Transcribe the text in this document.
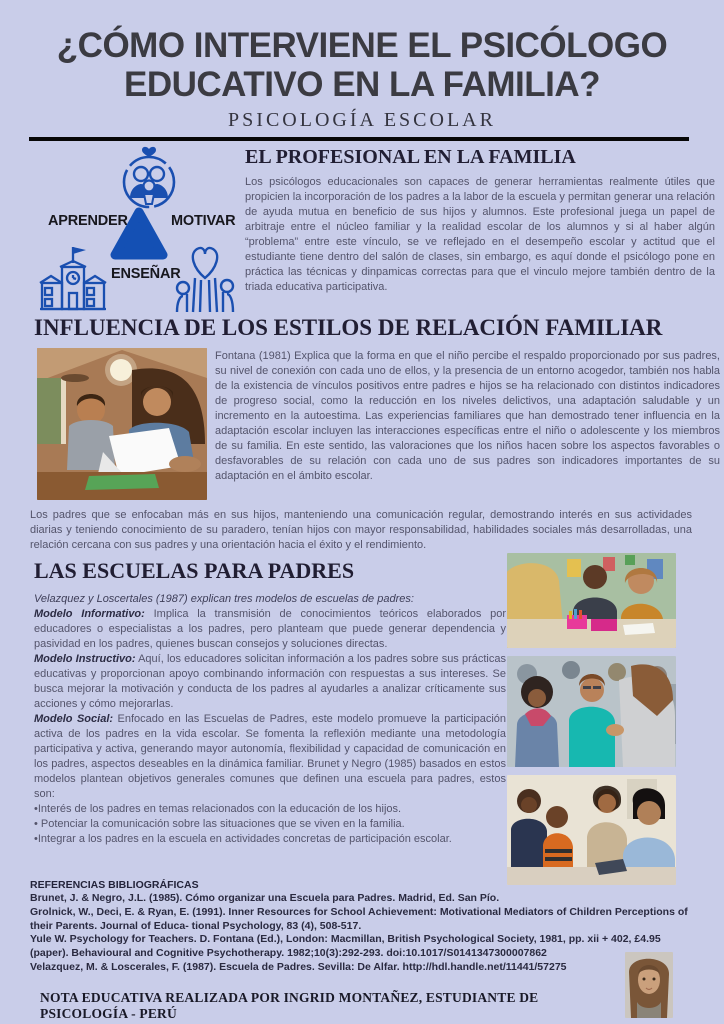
¿CÓMO INTERVIENE EL PSICÓLOGO
EDUCATIVO EN LA FAMILIA?
PSICOLOGÍA ESCOLAR
APRENDER	MOTIVAR
ENSEÑAR
EL PROFESIONAL EN LA FAMILIA
Los psicólogos educacionales son capaces de generar herramientas realmente útiles que propicien la incorporación de los padres a la labor de la escuela y permitan generar una relación de ayuda mutua en beneficio de sus hijos y alumnos. Este profesional juega un papel de arbitraje entre el núcleo familiar y la realidad escolar de los alumnos y si al haber algún “problema” entre este vínculo, se ve reflejado en el desempeño escolar y actitud que el estudiante tiene dentro del salón de clases, sin embargo, es aquí donde el psicólogo pone en práctica las técnicas y dinpamicas correctas para que el vinculo mejore también dentro de la triada educativa participativa.
INFLUENCIA DE LOS ESTILOS DE RELACIÓN FAMILIAR
Fontana (1981) Explica que la forma en que el niño percibe el respaldo proporcionado por sus padres, su nivel de conexión con cada uno de ellos, y la presencia de un entorno acogedor, también nos habla de la existencia de vínculos positivos entre padres e hijos se ha relacionado con distintos indicadores de progreso social, como la reducción en los niveles delictivos, una adaptación saludable y un incremento en la autoestima. Las experiencias familiares que han demostrado tener influencia en la adaptación escolar incluyen las interacciones específicas entre el niño o adolescente y los miembros de su familia. En este sentido, las valoraciones que los niños hacen sobre los aspectos favorables o desfavorables de su relación con cada uno de sus padres son indicadores importantes de su adaptación en el ámbito escolar.
Los padres que se enfocaban más en sus hijos, manteniendo una comunicación regular, demostrando interés en sus actividades diarias y teniendo conocimiento de su paradero, tenían hijos con mayor responsabilidad, habilidades sociales más desarrolladas, una relación cercana con sus padres y una orientación hacia el éxito y el rendimiento.
LAS ESCUELAS PARA PADRES

Velazquez y Loscertales (1987) explican tres modelos de escuelas de padres:

Modelo Informativo: Implica la transmisión de conocimientos teóricos elaborados por educadores o especialistas a los padres, pero planteam que puede generar dependencia y pasividad en los padres, quienes buscan consejos y soluciones directas.

Modelo Instructivo: Aquí, los educadores solicitan información a los padres sobre sus prácticas educativas y proporcionan apoyo combinando información con respuestas a sus intereses. Se busca mejorar la motivación y conducta de los padres al ayudarles a analizar críticamente sus acciones y cómo mejorarlas.

Modelo Social: Enfocado en las Escuelas de Padres, este modelo promueve la participación activa de los padres en la vida escolar. Se fomenta la reflexión mediante una metodología participativa y activa, generando mayor autonomía, flexibilidad y capacidad de comunicación en los padres, aspectos deseables en la dinámica familiar. Brunet y Negro (1985) basados en estos modelos plantean objetivos generales comunes que definen una escuela para padres, estos son:

•Interés de los padres en temas relacionados con la educación de los hijos.

• Potenciar la comunicación sobre las situaciones que se viven en la familia.

•Integrar a los padres en la escuela en actividades concretas de participación escolar.

REFERENCIAS BIBLIOGRÁFICAS

Brunet, J. & Negro, J.L. (1985). Cómo organizar una Escuela para Padres. Madrid, Ed. San Pío.

Grolnick, W., Deci, E. & Ryan, E. (1991). Inner Resources for School Achievement: Motivational Mediators of Children Perceptions of their Parents. Journal of Educa- tional Psychology, 83 (4), 508-517.

Yule W. Psychology for Teachers. D. Fontana (Ed.), London: Macmillan, British Psychological Society, 1981, pp. xii + 402, £4.95 (paper). Behavioural and Cognitive Psychotherapy. 1982;10(3):292-293. doi:10.1017/S0141347300007862

Velazquez, M. & Loscerales, F. (1987). Escuela de Padres. Sevilla: De Alfar. http://hdl.handle.net/11441/57275

NOTA EDUCATIVA REALIZADA POR INGRID MONTAÑEZ, ESTUDIANTE DE PSICOLOGÍA - PERÚ
